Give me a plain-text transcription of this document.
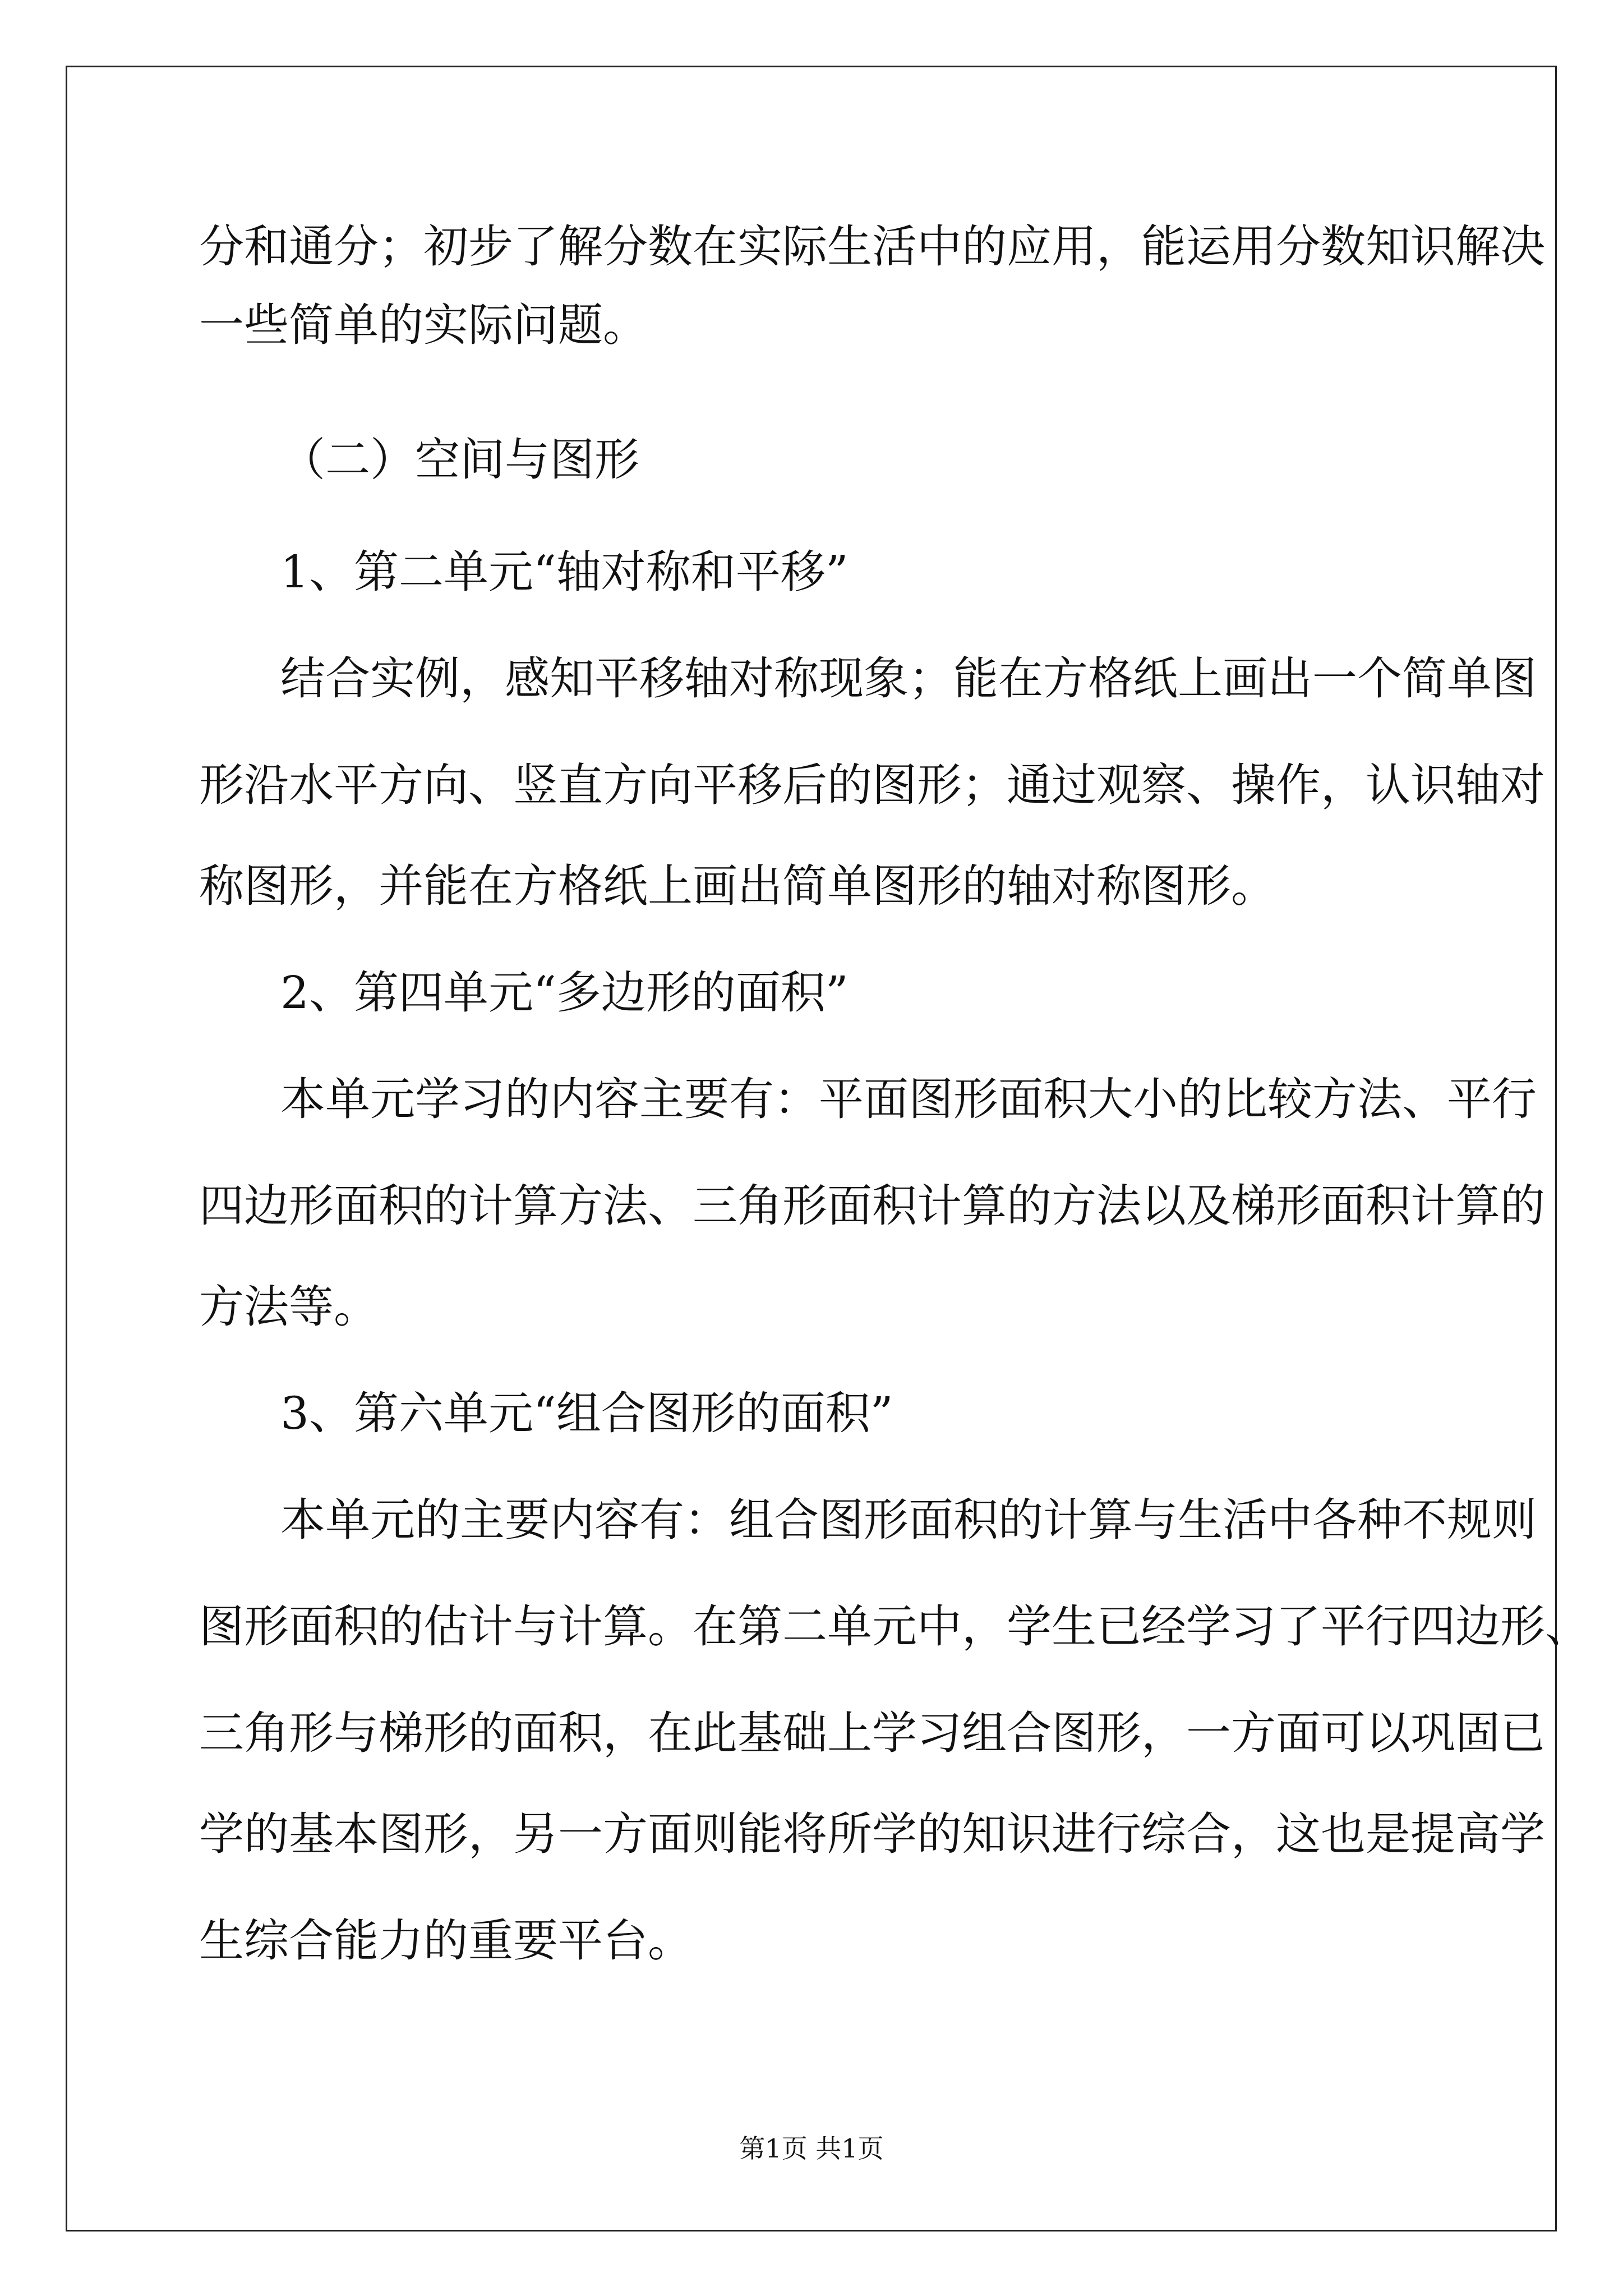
分和通分；初步了解分数在实际生活中的应用，能运用分数知识解决
一些简单的实际问题。
（二）空间与图形
1、第二单元“轴对称和平移”
结合实例，感知平移轴对称现象；能在方格纸上画出一个简单图
形沿水平方向、竖直方向平移后的图形；通过观察、操作，认识轴对
称图形，并能在方格纸上画出简单图形的轴对称图形。
2、第四单元“多边形的面积”
本单元学习的内容主要有：平面图形面积大小的比较方法、平行
四边形面积的计算方法、三角形面积计算的方法以及梯形面积计算的
方法等。
3、第六单元“组合图形的面积”
本单元的主要内容有：组合图形面积的计算与生活中各种不规则
图形面积的估计与计算。在第二单元中，学生已经学习了平行四边形、
三角形与梯形的面积，在此基础上学习组合图形，一方面可以巩固已
学的基本图形，另一方面则能将所学的知识进行综合，这也是提高学
生综合能力的重要平台。
第1页 共1页
